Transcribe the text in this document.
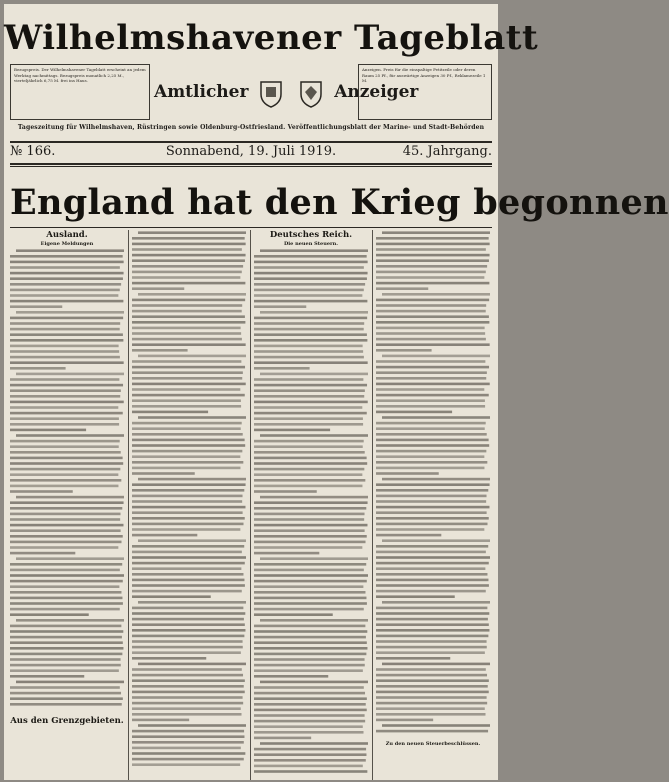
Wilhelmshavener Tageblatt
Bezugspreis. Der Wilhelmshavener Tageblatt erscheint an jedem Werktag nachmittags. Bezugspreis monatlich 2,25 M., vierteljährlich 6,75 M. frei ins Haus.
Amtlicher	Anzeiger
Anzeigen. Preis für die einspaltige Petitzeile oder deren Raum 25 Pf., für auswärtige Anzeigen 30 Pf., Reklamezeile 1 M.
Tageszeitung für Wilhelmshaven, Rüstringen sowie Oldenburg-Ostfriesland. Veröffentlichungsblatt der Marine- und Stadt-Behörden
№ 166.	Sonnabend, 19. Juli 1919.	45. Jahrgang.
England hat den Krieg begonnen
Ausland.
Eigene Meldungen

Aus den Grenzgebieten.

Deutsches Reich.
Die neuen Steuern.

Zu den neuen Steuerbeschlüssen.
